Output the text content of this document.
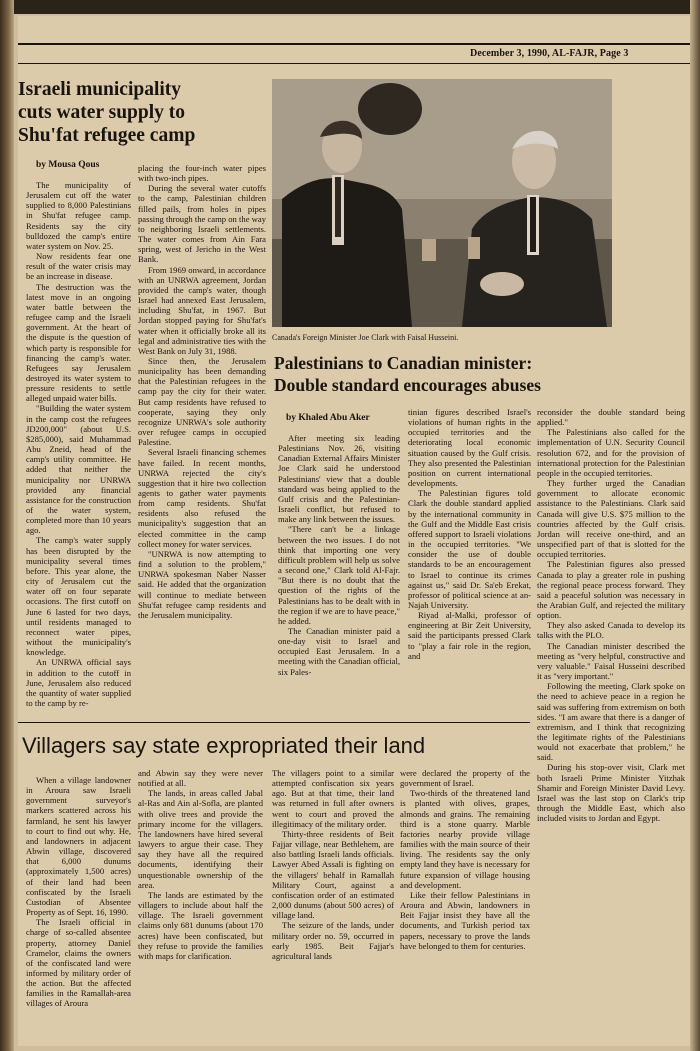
December 3, 1990, AL-FAJR, Page 3
Israeli municipality
cuts water supply to
Shu'fat refugee camp
by Mousa Qous

The municipality of Jerusalem cut off the water supplied to 8,000 Palestinians in Shu'fat refugee camp. Residents say the city bulldozed the camp's entire water system on Nov. 25.

Now residents fear one result of the water crisis may be an increase in disease.

The destruction was the latest move in an ongoing water battle between the refugee camp and the Israeli government. At the heart of the dispute is the question of which party is responsible for financing the camp's water. Refugees say Jerusalem destroyed its water system to pressure residents to settle alleged unpaid water bills.

"Building the water system in the camp cost the refugees JD200,000" (about U.S. $285,000), said Muhammad Abu Zneid, head of the camp's utility committee. He added that neither the municipality nor UNRWA provided any financial assistance for the construction of the water system, completed more than 10 years ago.

The camp's water supply has been disrupted by the municipality several times before. This year alone, the city of Jerusalem cut the water off on four separate occasions. The first cutoff on June 6 lasted for two days, until residents managed to reconnect water pipes, without the municipality's knowledge.

An UNRWA official says in addition to the cutoff in June, Jerusalem also reduced the quantity of water supplied to the camp by re-

placing the four-inch water pipes with two-inch pipes.

During the several water cutoffs to the camp, Palestinian children filled pails, from holes in pipes passing through the camp on the way to neighboring Israeli settlements. The water comes from Ain Fara spring, west of Jericho in the West Bank.

From 1969 onward, in accordance with an UNRWA agreement, Jordan provided the camp's water, though Israel had annexed East Jerusalem, including Shu'fat, in 1967. But Jordan stopped paying for Shu'fat's water when it officially broke all its legal and administrative ties with the West Bank on July 31, 1988.

Since then, the Jerusalem municipality has been demanding that the Palestinian refugees in the camp pay the city for their water. But camp residents have refused to cooperate, saying they only recognize UNRWA's sole authority over refugee camps in occupied Palestine.

Several Israeli financing schemes have failed. In recent months, UNRWA rejected the city's suggestion that it hire two collection agents to gather water payments from camp residents. Shu'fat residents also refused the municipality's suggestion that an elected committee in the camp collect money for water services.

"UNRWA is now attempting to find a solution to the problem," UNRWA spokesman Naber Nasser said. He added that the organization will continue to mediate between Shu'fat refugee camp residents and the Jerusalem municipality.

Canada's Foreign Minister Joe Clark with Faisal Husseini.
Palestinians to Canadian minister:
Double standard encourages abuses
by Khaled Abu Aker

After meeting six leading Palestinians Nov. 26, visiting Canadian External Affairs Minister Joe Clark said he understood Palestinians' view that a double standard was being applied to the Gulf crisis and the Palestinian-Israeli conflict, but refused to make any link between the issues.

"There can't be a linkage between the two issues. I do not think that importing one very difficult problem will help us solve a second one," Clark told Al-Fajr. "But there is no doubt that the question of the rights of the Palestinians has to be dealt with in the region if we are to have peace," he added.

The Canadian minister paid a one-day visit to Israel and occupied East Jerusalem. In a meeting with the Canadian official, six Pales-

tinian figures described Israel's violations of human rights in the occupied territories and the deteriorating local economic situation caused by the Gulf crisis. They also presented the Palestinian position on current international developments.

The Palestinian figures told Clark the double standard applied by the international community in the Gulf and the Middle East crisis offered support to Israeli violations in the occupied territories. "We consider the use of double standards to be an encouragement to Israel to continue its crimes against us," said Dr. Sa'eb Erekat, professor of political science at an-Najah University.

Riyad al-Malki, professor of engineering at Bir Zeit University, said the participants pressed Clark to "play a fair role in the region, and

reconsider the double standard being applied."

The Palestinians also called for the implementation of U.N. Security Council resolution 672, and for the provision of international protection for the Palestinian people in the occupied territories.

They further urged the Canadian government to allocate economic assistance to the Palestinians. Clark said Canada will give U.S. $75 million to the countries affected by the Gulf crisis. Jordan will receive one-third, and an unspecified part of that is slotted for the occupied territories.

The Palestinian figures also pressed Canada to play a greater role in pushing the regional peace process forward. They said a peaceful solution was necessary in the Arabian Gulf, and rejected the military option.

They also asked Canada to develop its talks with the PLO.

The Canadian minister described the meeting as "very helpful, constructive and very valuable." Faisal Husseini described it as "very important."

Following the meeting, Clark spoke on the need to achieve peace in a region he said was suffering from extremism on both sides. "I am aware that there is a danger of extremism, and I think that recognizing the legitimate rights of the Palestinians would not exacerbate that problem," he said.

During his stop-over visit, Clark met both Israeli Prime Minister Yitzhak Shamir and Foreign Minister David Levy. Israel was the last stop on Clark's trip through the Middle East, which also included visits to Jordan and Egypt.

Villagers say state expropriated their land

When a village landowner in Aroura saw Israeli government surveyor's markers scattered across his farmland, he sent his lawyer to court to find out why. He, and landowners in adjacent Abwin village, discovered that 6,000 dunums (approximately 1,500 acres) of their land had been confiscated by the Israeli Custodian of Absentee Property as of Sept. 16, 1990.

The Israeli official in charge of so-called absentee property, attorney Daniel Cramelor, claims the owners of the confiscated land were informed by military order of the action. But the affected families in the Ramallah-area villages of Aroura

and Abwin say they were never notified at all.

The lands, in areas called Jabal al-Ras and Ain al-Sofla, are planted with olive trees and provide the primary income for the villagers. The landowners have hired several lawyers to argue their case. They say they have all the required documents, identifying their unquestionable ownership of the area.

The lands are estimated by the villagers to include about half the village. The Israeli government claims only 681 dunums (about 170 acres) have been confiscated, but they refuse to provide the families with maps for clarification.

The villagers point to a similar attempted confiscation six years ago. But at that time, their land was returned in full after owners went to court and proved the illegitimacy of the military order.

Thirty-three residents of Beit Fajjar village, near Bethlehem, are also battling Israeli lands officials. Lawyer Abed Assali is fighting on the villagers' behalf in Ramallah Military Court, against a confiscation order of an estimated 2,000 dunums (about 500 acres) of village land.

The seizure of the lands, under military order no. 59, occurred in early 1985. Beit Fajjar's agricultural lands

were declared the property of the government of Israel.

Two-thirds of the threatened land is planted with olives, grapes, almonds and grains. The remaining third is a stone quarry. Marble factories nearby provide village families with the main source of their living. The residents say the only empty land they have is necessary for future expansion of village housing and development.

Like their fellow Palestinians in Aroura and Abwin, landowners in Beit Fajjar insist they have all the documents, and Turkish period tax papers, necessary to prove the lands have belonged to them for centuries.
